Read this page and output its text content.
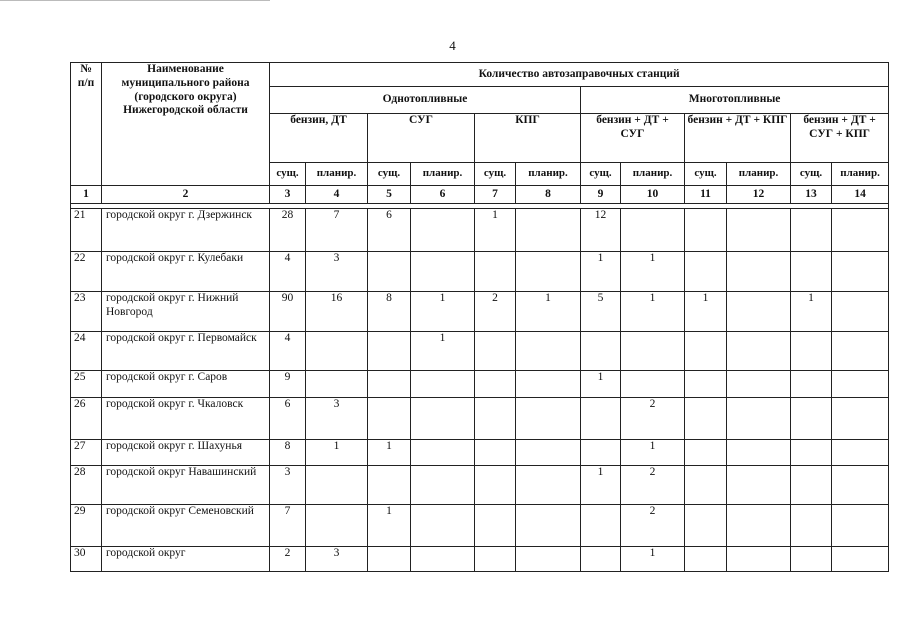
4
№
п/п	Наименование муниципального района (городского округа) Нижегородской области	Количество автозаправочных станций											
		Однотопливные						Многотопливные					
		бензин, ДТ		СУГ		КПГ		бензин + ДТ + СУГ		бензин + ДТ + КПГ		бензин + ДТ + СУГ + КПГ	
		сущ.	планир.	сущ.	планир.	сущ.	планир.	сущ.	планир.	сущ.	планир.	сущ.	планир.
1	2	3	4	5	6	7	8	9	10	11	12	13	14

21	городской округ г. Дзержинск	28	7	6		1		12					
22	городской округ г. Кулебаки	4	3					1	1				
23	городской округ г. Нижний Новгород	90	16	8	1	2	1	5	1	1		1	
24	городской округ г. Первомайск	4			1								
25	городской округ г. Саров	9						1					
26	городской округ г. Чкаловск	6	3						2				
27	городской округ г. Шахунья	8	1	1					1				
28	городской округ Навашинский	3						1	2				
29	городской округ Семеновский	7		1					2				
30	городской округ	2	3						1				
